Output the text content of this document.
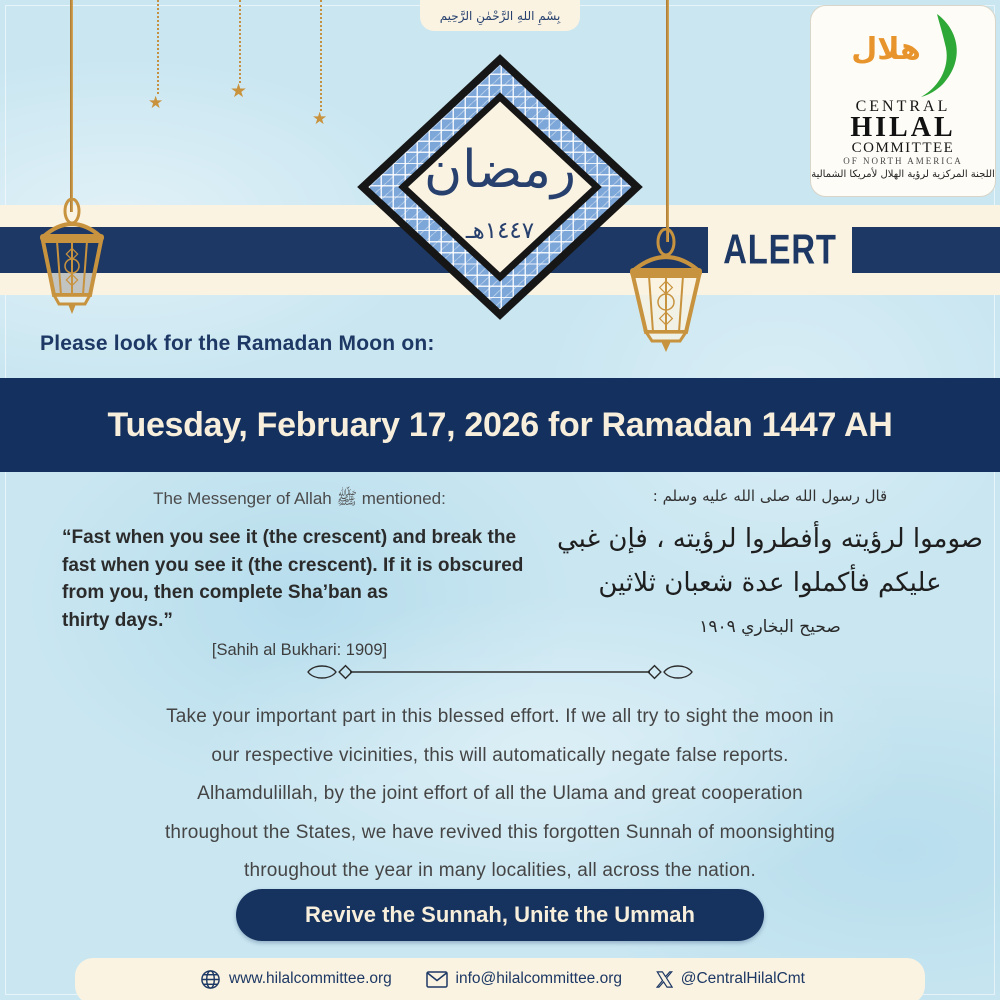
ALERT
★
★
★
بِسْمِ اللهِ الرَّحْمٰنِ الرَّحِيم
هلال
CENTRAL
HILAL
COMMITTEE
OF NORTH AMERICA
اللجنة المركزية لرؤية الهلال لأمريكا الشمالية
رمضان
١٤٤٧هـ
Please look for the Ramadan Moon on:
Tuesday, February 17, 2026 for Ramadan 1447 AH
The Messenger of Allah ﷺ mentioned:
“Fast when you see it (the crescent) and break the
fast when you see it (the crescent). If it is obscured
from you, then complete Sha’ban as
thirty days.”
[Sahih al Bukhari: 1909]
قال رسول الله صلى الله عليه وسلم :
صوموا لرؤيته وأفطروا لرؤيته ، فإن غبي
عليكم فأكملوا عدة شعبان ثلاثين
صحيح البخاري ١٩٠٩
Take your important part in this blessed effort. If we all try to sight the moon in
our respective vicinities, this will automatically negate false reports.
Alhamdulillah, by the joint effort of all the Ulama and great cooperation
throughout the States, we have revived this forgotten Sunnah of moonsighting
throughout the year in many localities, all across the nation.
Revive the Sunnah, Unite the Ummah
www.hilalcommittee.org	info@hilalcommittee.org	@CentralHilalCmt
